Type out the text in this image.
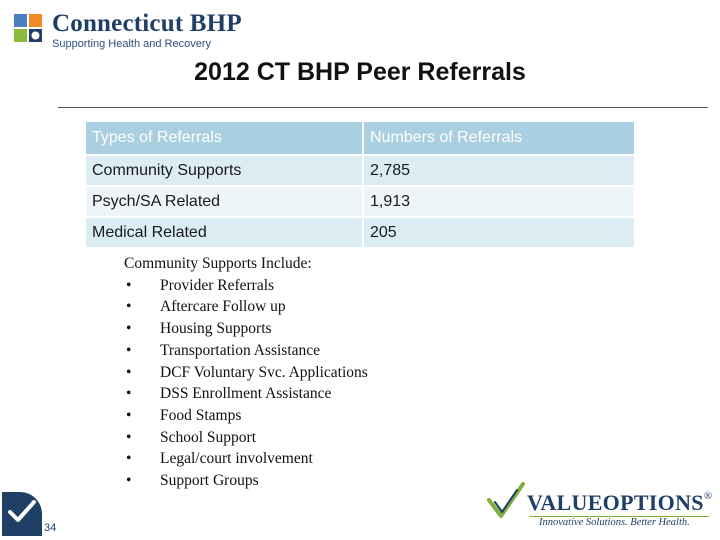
Connecticut BHP
Supporting Health and Recovery
2012 CT BHP Peer Referrals
Types of Referrals	Numbers of Referrals
Community Supports	2,785
Psych/SA Related	1,913
Medical Related	205
Community Supports Include:
• Provider Referrals
• Aftercare Follow up
• Housing Supports
• Transportation Assistance
• DCF Voluntary Svc. Applications
• DSS Enrollment Assistance
• Food Stamps
• School Support
• Legal/court involvement
• Support Groups
34
VALUEOPTIONS®
Innovative Solutions. Better Health.
